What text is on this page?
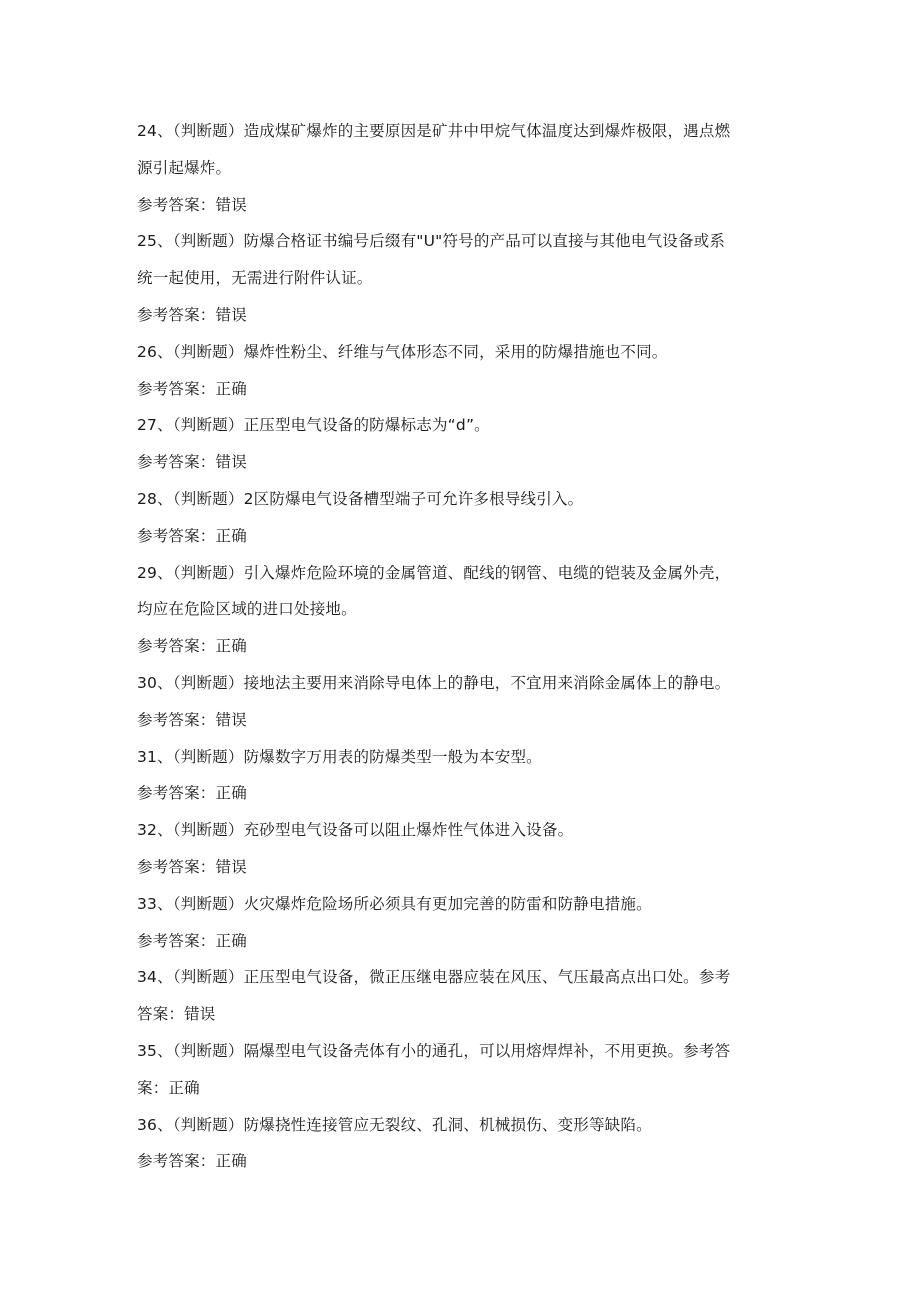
24、（判断题）造成煤矿爆炸的主要原因是矿井中甲烷气体温度达到爆炸极限，遇点燃
源引起爆炸。
参考答案：错误
25、（判断题）防爆合格证书编号后缀有"U"符号的产品可以直接与其他电气设备或系
统一起使用，无需进行附件认证。
参考答案：错误
26、（判断题）爆炸性粉尘、纤维与气体形态不同，采用的防爆措施也不同。
参考答案：正确
27、（判断题）正压型电气设备的防爆标志为“d”。
参考答案：错误
28、（判断题）2区防爆电气设备槽型端子可允许多根导线引入。
参考答案：正确
29、（判断题）引入爆炸危险环境的金属管道、配线的钢管、电缆的铠装及金属外壳，
均应在危险区域的进口处接地。
参考答案：正确
30、（判断题）接地法主要用来消除导电体上的静电，不宜用来消除金属体上的静电。
参考答案：错误
31、（判断题）防爆数字万用表的防爆类型一般为本安型。
参考答案：正确
32、（判断题）充砂型电气设备可以阻止爆炸性气体进入设备。
参考答案：错误
33、（判断题）火灾爆炸危险场所必须具有更加完善的防雷和防静电措施。
参考答案：正确
34、（判断题）正压型电气设备，微正压继电器应装在风压、气压最高点出口处。参考
答案：错误
35、（判断题）隔爆型电气设备壳体有小的通孔，可以用熔焊焊补，不用更换。参考答
案：正确
36、（判断题）防爆挠性连接管应无裂纹、孔洞、机械损伤、变形等缺陷。
参考答案：正确
